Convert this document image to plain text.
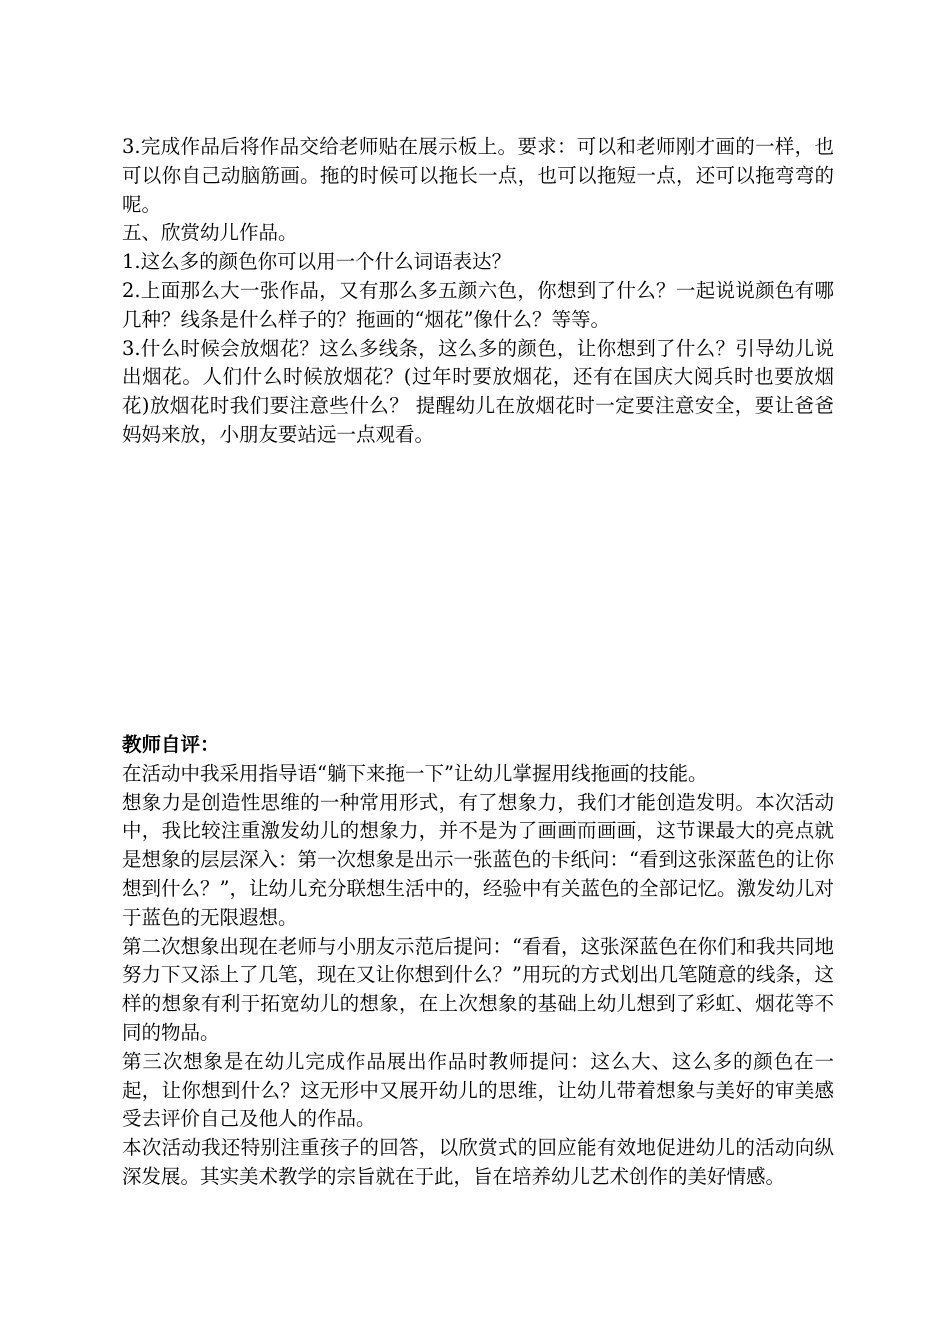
3.完成作品后将作品交给老师贴在展示板上。要求：可以和老师刚才画的一样，也可以你自己动脑筋画。拖的时候可以拖长一点，也可以拖短一点，还可以拖弯弯的呢。

五、欣赏幼儿作品。

1.这么多的颜色你可以用一个什么词语表达？

2.上面那么大一张作品，又有那么多五颜六色，你想到了什么？一起说说颜色有哪几种？线条是什么样子的？拖画的“烟花”像什么？等等。

3.什么时候会放烟花？这么多线条，这么多的颜色，让你想到了什么？引导幼儿说出烟花。人们什么时候放烟花？(过年时要放烟花，还有在国庆大阅兵时也要放烟花)放烟花时我们要注意些什么？ 提醒幼儿在放烟花时一定要注意安全，要让爸爸妈妈来放，小朋友要站远一点观看。

教师自评：

在活动中我采用指导语“躺下来拖一下”让幼儿掌握用线拖画的技能。

想象力是创造性思维的一种常用形式，有了想象力，我们才能创造发明。本次活动中，我比较注重激发幼儿的想象力，并不是为了画画而画画，这节课最大的亮点就是想象的层层深入：第一次想象是出示一张蓝色的卡纸问：“看到这张深蓝色的让你想到什么？”，让幼儿充分联想生活中的，经验中有关蓝色的全部记忆。激发幼儿对于蓝色的无限遐想。

第二次想象出现在老师与小朋友示范后提问：“看看，这张深蓝色在你们和我共同地努力下又添上了几笔，现在又让你想到什么？”用玩的方式划出几笔随意的线条，这样的想象有利于拓宽幼儿的想象，在上次想象的基础上幼儿想到了彩虹、烟花等不同的物品。

第三次想象是在幼儿完成作品展出作品时教师提问：这么大、这么多的颜色在一起，让你想到什么？这无形中又展开幼儿的思维，让幼儿带着想象与美好的审美感受去评价自己及他人的作品。

本次活动我还特别注重孩子的回答，以欣赏式的回应能有效地促进幼儿的活动向纵深发展。其实美术教学的宗旨就在于此，旨在培养幼儿艺术创作的美好情感。
